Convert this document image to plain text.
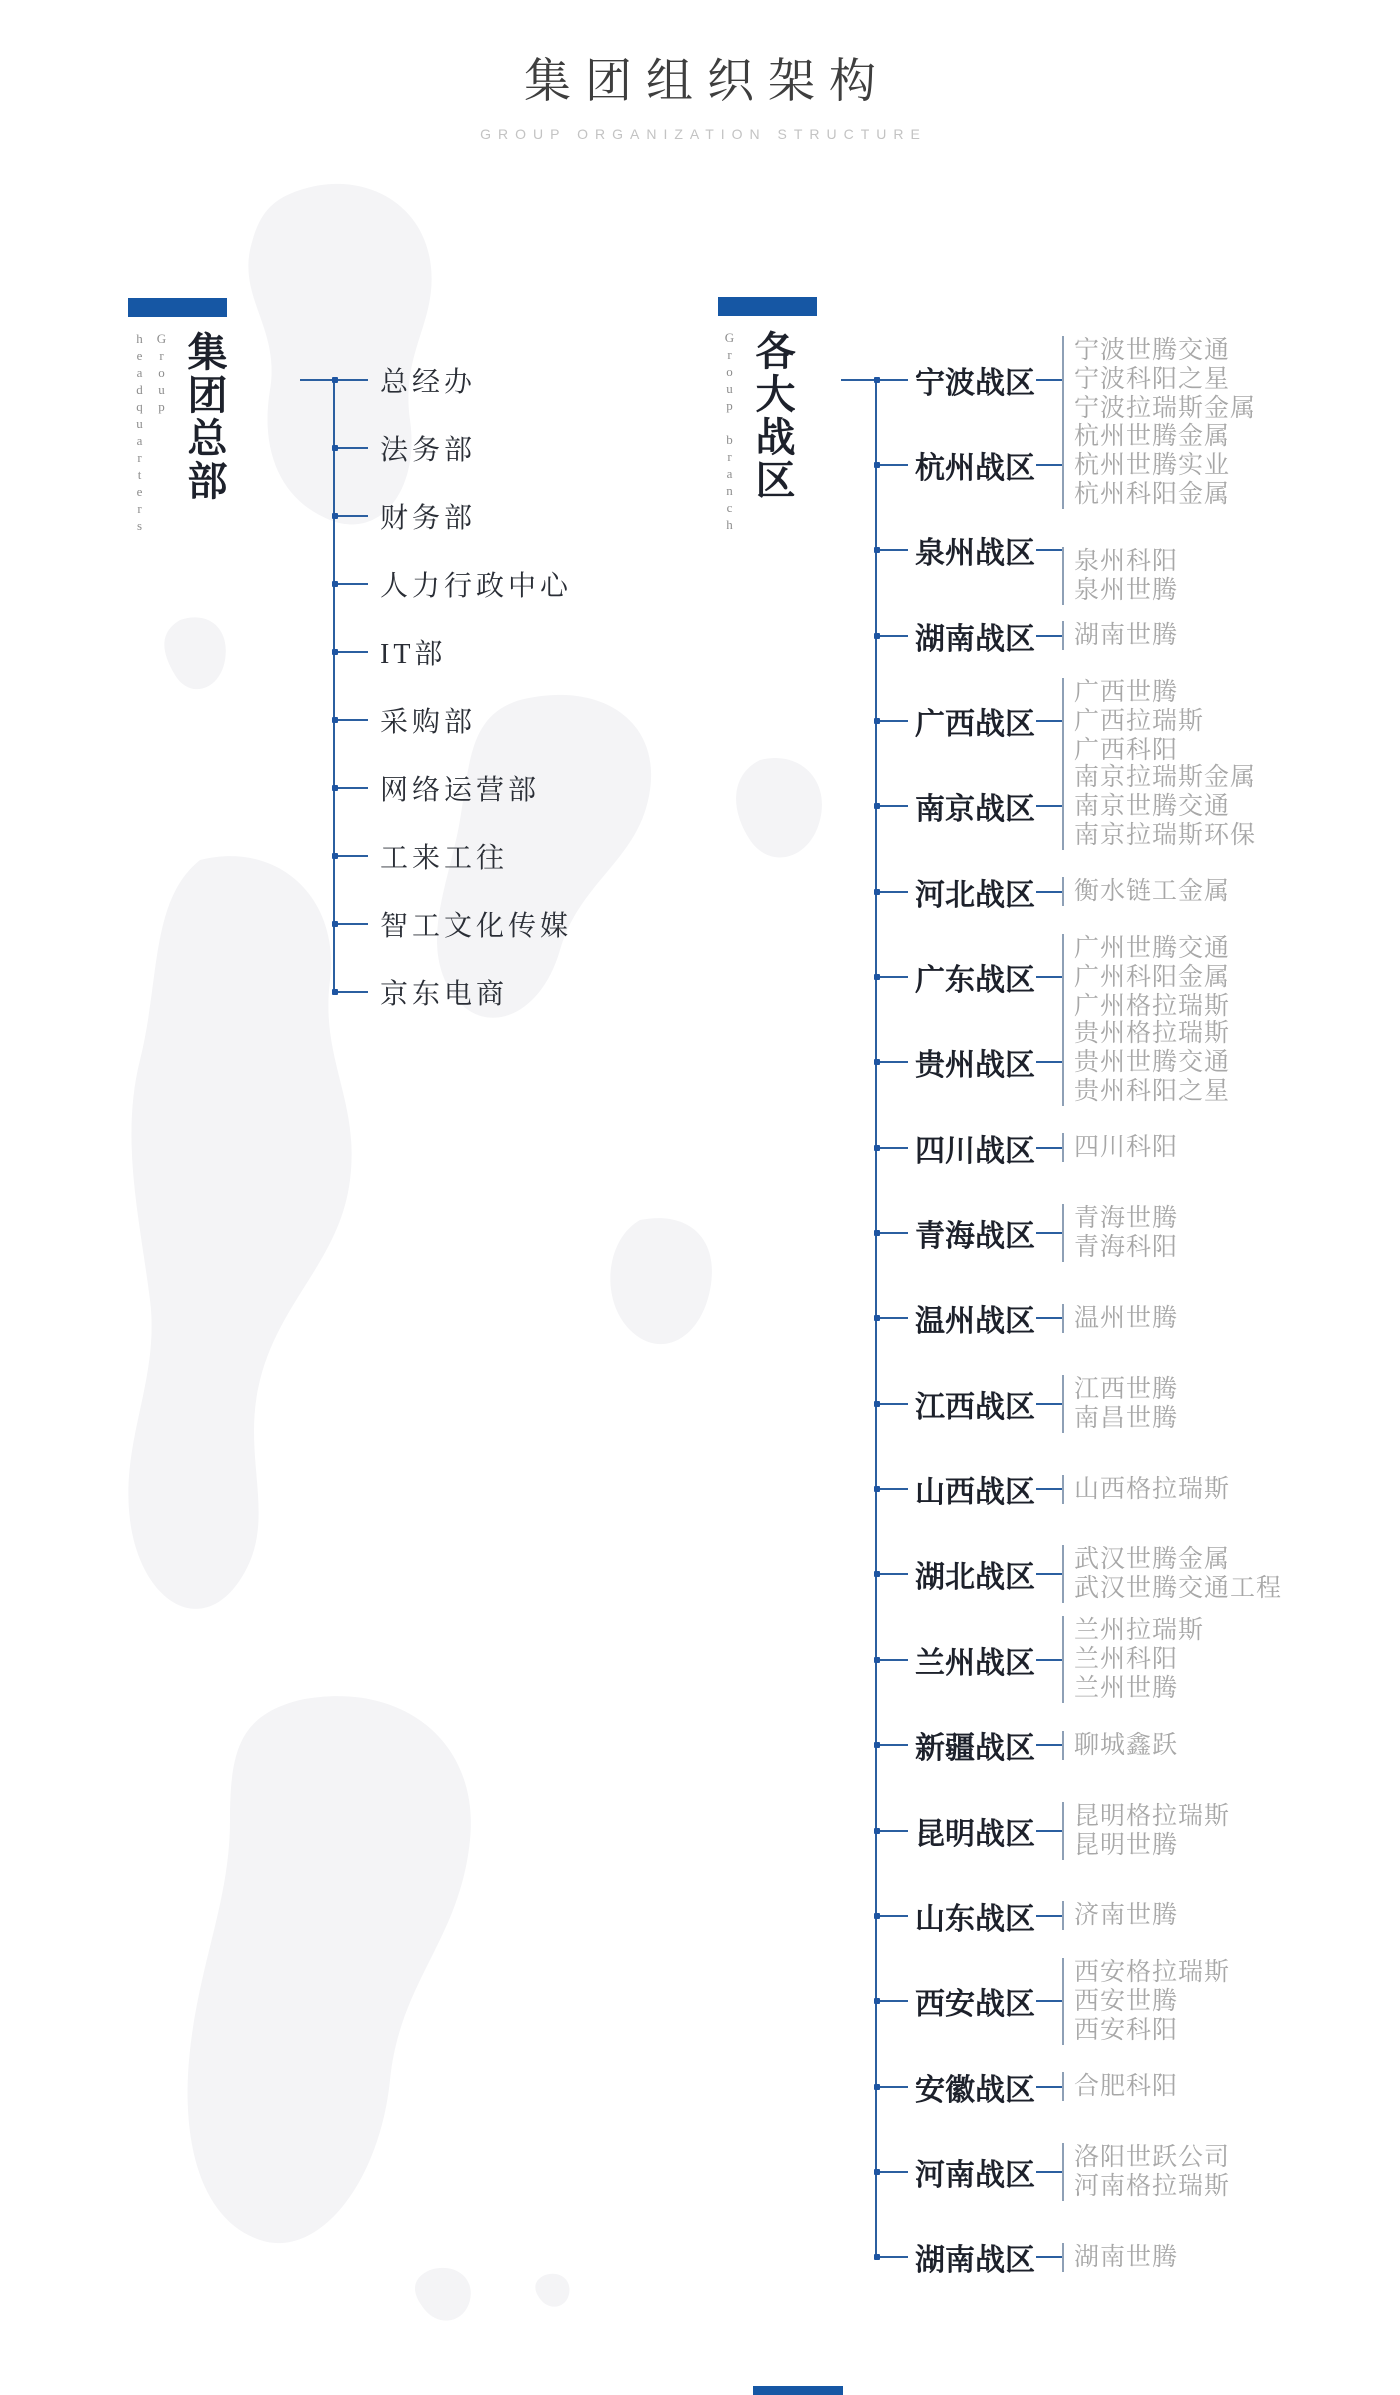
集团组织架构
GROUP ORGANIZATION STRUCTURE
集团总部
Group
headquarters	总经办
法务部
财务部
人力行政中心
IT部
采购部
网络运营部
工来工往
智工文化传媒
京东电商
各大战区
Group branch	宁波战区
宁波世腾交通
宁波科阳之星
宁波拉瑞斯金属
杭州战区
杭州世腾金属
杭州世腾实业
杭州科阳金属
泉州战区 泉州科阳
泉州世腾
湖南战区 湖南世腾
广西战区
广西世腾
广西拉瑞斯
广西科阳
南京战区
南京拉瑞斯金属
南京世腾交通
南京拉瑞斯环保
河北战区 衡水链工金属
广东战区
广州世腾交通
广州科阳金属
广州格拉瑞斯
贵州战区
贵州格拉瑞斯
贵州世腾交通
贵州科阳之星
四川战区 四川科阳
青海战区
青海世腾
青海科阳
温州战区 温州世腾
江西战区
江西世腾
南昌世腾
山西战区 山西格拉瑞斯
湖北战区
武汉世腾金属
武汉世腾交通工程
兰州战区
兰州拉瑞斯
兰州科阳
兰州世腾
新疆战区 聊城鑫跃
昆明战区
昆明格拉瑞斯
昆明世腾
山东战区 济南世腾
西安战区
西安格拉瑞斯
西安世腾
西安科阳
安徽战区 合肥科阳
河南战区
洛阳世跃公司
河南格拉瑞斯
湖南战区 湖南世腾
